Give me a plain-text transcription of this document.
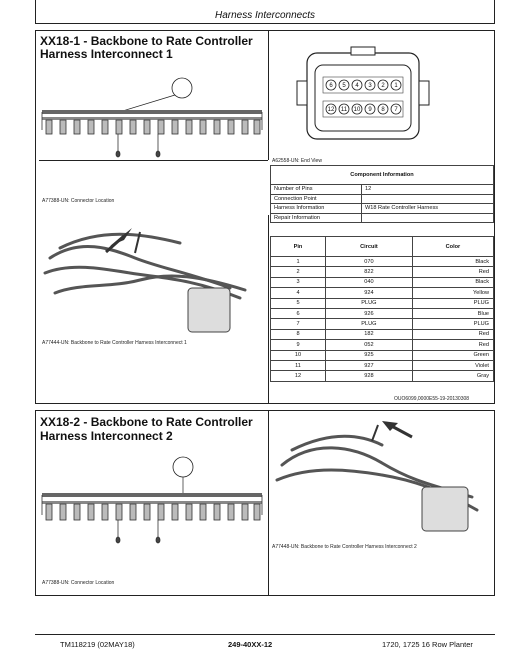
Harness Interconnects
XX18-1 - Backbone to Rate Controller
Harness Interconnect 1
A77388-UN: Connector Location
A77444-UN: Backbone to Rate Controller Harness Interconnect 1
6 5 4 3 2 1
12 11 10 9 8 7
A62558-UN: End View
Component Information	
Number of Pins	12
Connection Point	
Harness Information	W18 Rate Controller Harness
Repair Information	
Pin	Circuit	Color
1	070	Black
2	822	Red
3	040	Black
4	924	Yellow
5	PLUG	PLUG
6	926	Blue
7	PLUG	PLUG
8	182	Red
9	052	Red
10	925	Green
11	927	Violet
12	928	Gray
OUO6099,0000E55-19-20130308
XX18-2 - Backbone to Rate Controller
Harness Interconnect 2
A77388-UN: Connector Location
A77448-UN: Backbone to Rate Controller Harness Interconnect 2
TM118219 (02MAY18)	249-40XX-12	1720, 1725 16 Row Planter
